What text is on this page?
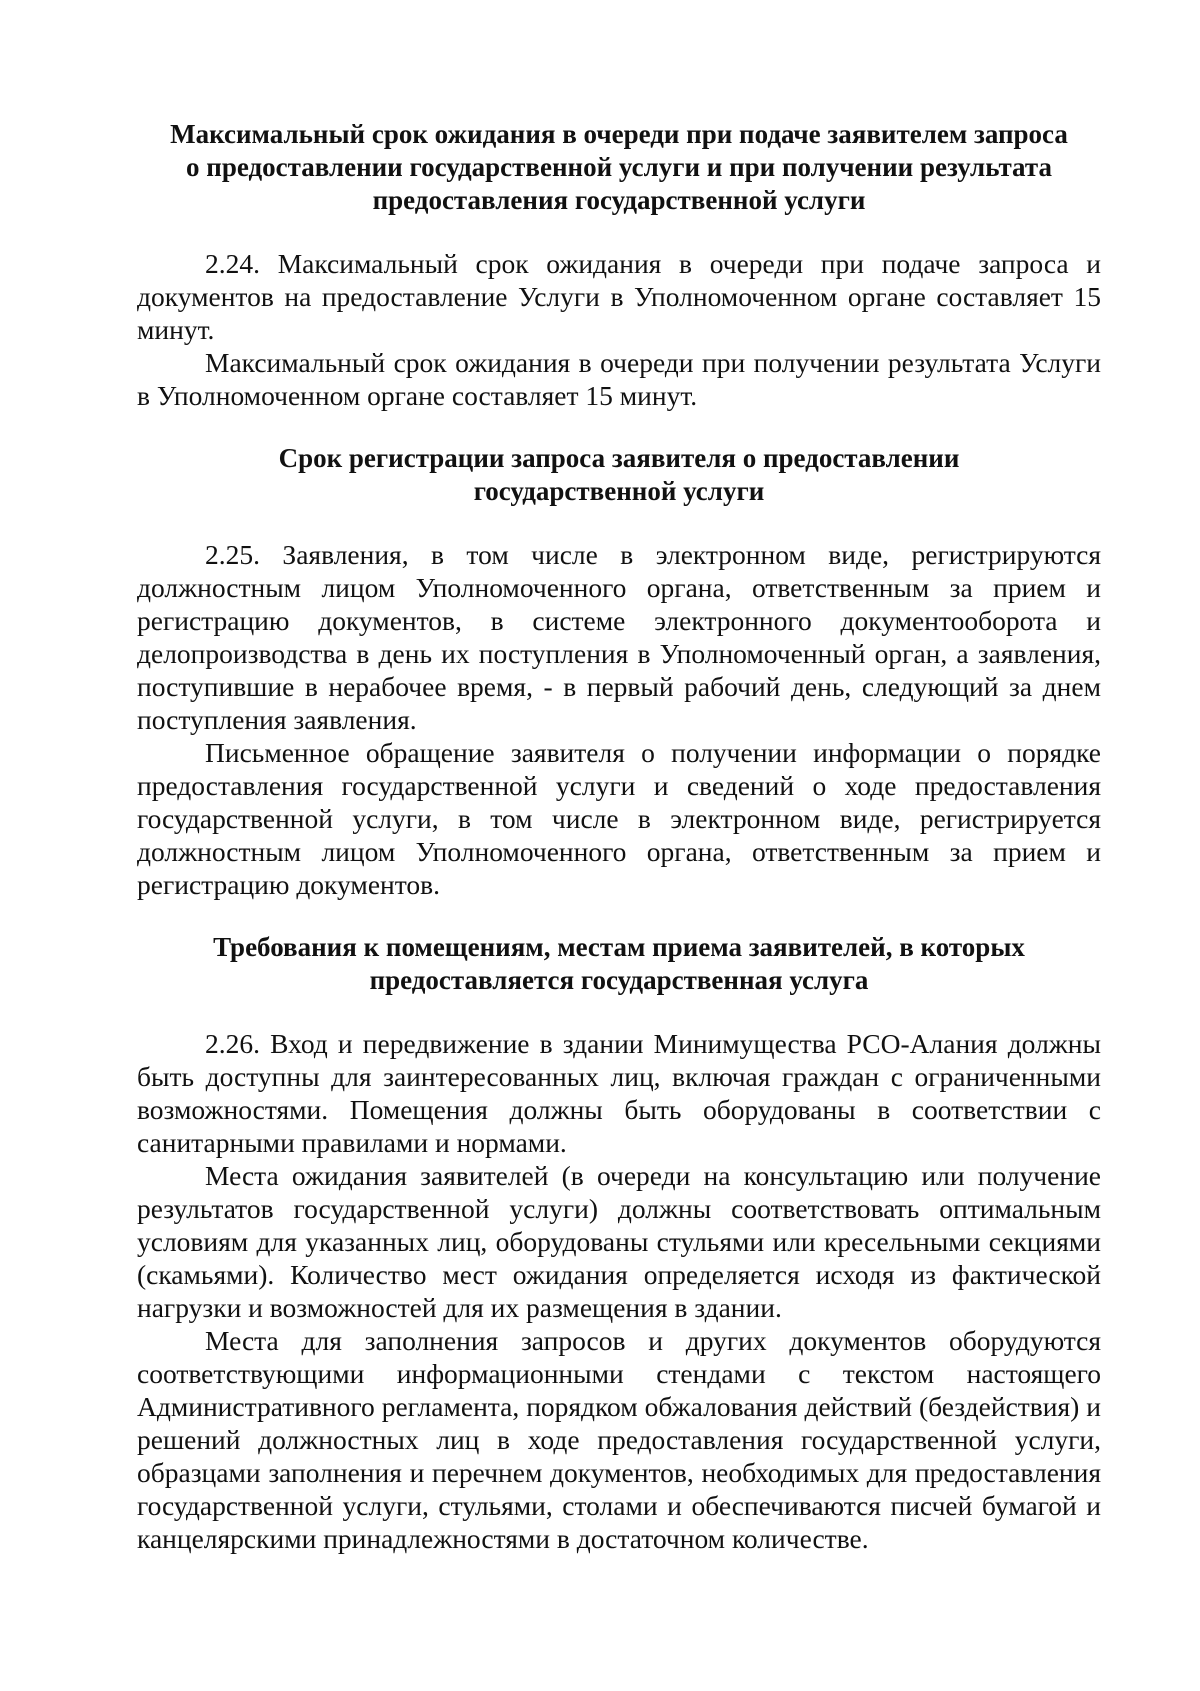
Максимальный срок ожидания в очереди при подаче заявителем запроса
о предоставлении государственной услуги и при получении результата
предоставления государственной услуги

2.24. Максимальный срок ожидания в очереди при подаче запроса и документов на предоставление Услуги в Уполномоченном органе составляет 15 минут.

Максимальный срок ожидания в очереди при получении результата Услуги в Уполномоченном органе составляет 15 минут.

Срок регистрации запроса заявителя о предоставлении
государственной услуги

2.25. Заявления, в том числе в электронном виде, регистрируются должностным лицом Уполномоченного органа, ответственным за прием и регистрацию документов, в системе электронного документооборота и делопроизводства в день их поступления в Уполномоченный орган, а заявления, поступившие в нерабочее время, - в первый рабочий день, следующий за днем поступления заявления.

Письменное обращение заявителя о получении информации о порядке предоставления государственной услуги и сведений о ходе предоставления государственной услуги, в том числе в электронном виде, регистрируется должностным лицом Уполномоченного органа, ответственным за прием и регистрацию документов.

Требования к помещениям, местам приема заявителей, в которых
предоставляется государственная услуга

2.26. Вход и передвижение в здании Минимущества РСО-Алания должны быть доступны для заинтересованных лиц, включая граждан с ограниченными возможностями. Помещения должны быть оборудованы в соответствии с санитарными правилами и нормами.

Места ожидания заявителей (в очереди на консультацию или получение результатов государственной услуги) должны соответствовать оптимальным условиям для указанных лиц, оборудованы стульями или кресельными секциями (скамьями). Количество мест ожидания определяется исходя из фактической нагрузки и возможностей для их размещения в здании.

Места для заполнения запросов и других документов оборудуются соответствующими информационными стендами с текстом настоящего Административного регламента, порядком обжалования действий (бездействия) и решений должностных лиц в ходе предоставления государственной услуги, образцами заполнения и перечнем документов, необходимых для предоставления государственной услуги, стульями, столами и обеспечиваются писчей бумагой и канцелярскими принадлежностями в достаточном количестве.
